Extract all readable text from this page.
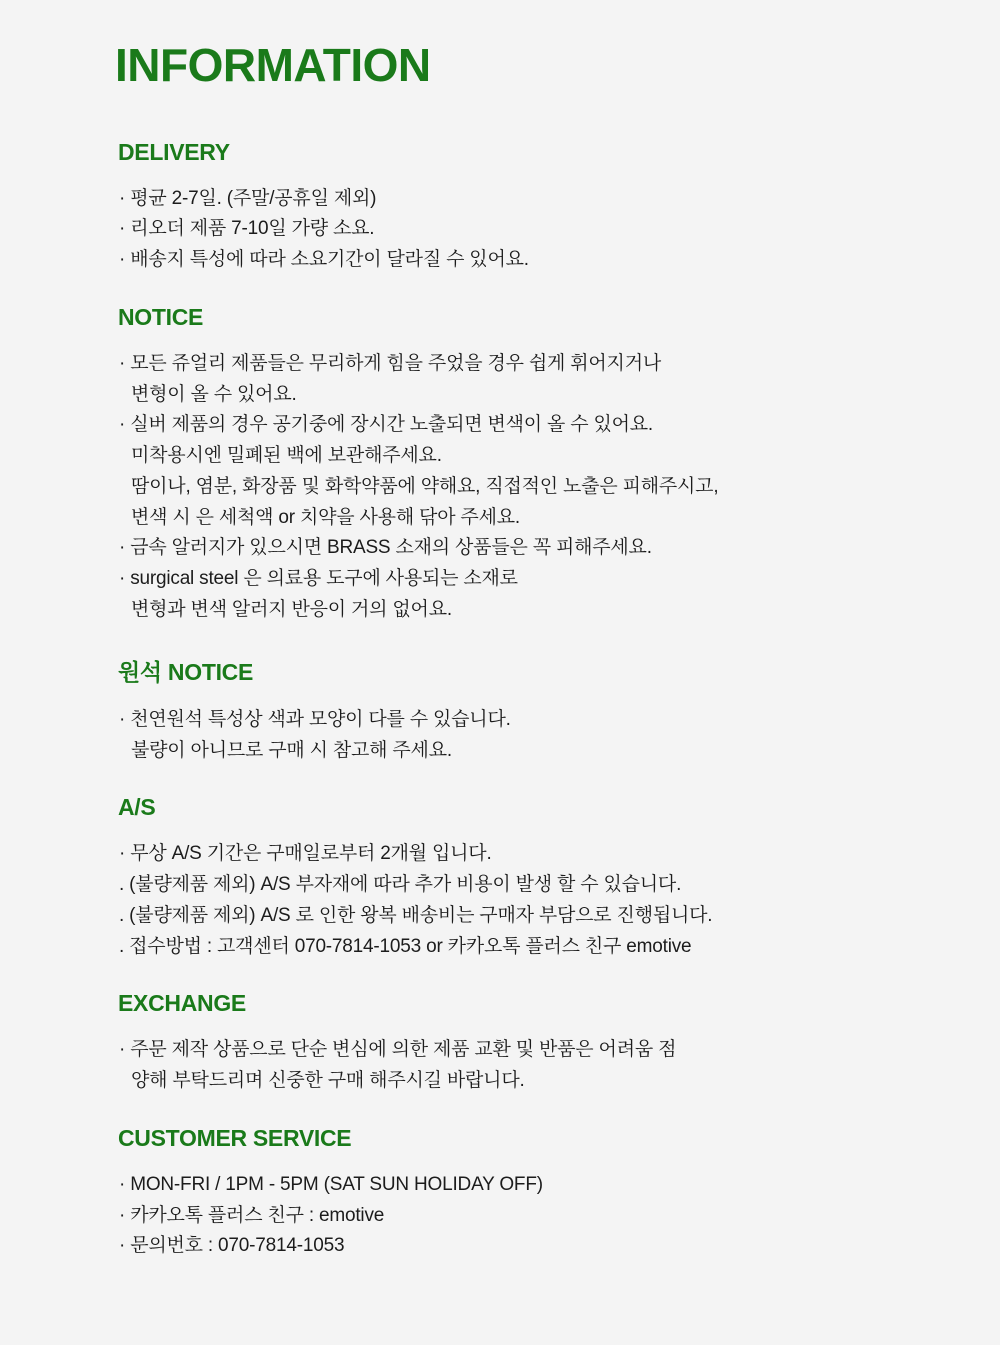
INFORMATION
DELIVERY
· 평균 2-7일. (주말/공휴일 제외)
· 리오더 제품 7-10일 가량 소요.
· 배송지 특성에 따라 소요기간이 달라질 수 있어요.
NOTICE
· 모든 쥬얼리 제품들은 무리하게 힘을 주었을 경우 쉽게 휘어지거나
변형이 올 수 있어요.
· 실버 제품의 경우 공기중에 장시간 노출되면 변색이 올 수 있어요.
미착용시엔 밀폐된 백에 보관해주세요.
땀이나, 염분, 화장품 및 화학약품에 약해요, 직접적인 노출은 피해주시고,
변색 시 은 세척액 or 치약을 사용해 닦아 주세요.
· 금속 알러지가 있으시면 BRASS 소재의 상품들은 꼭 피해주세요.
· surgical steel 은 의료용 도구에 사용되는 소재로
변형과 변색 알러지 반응이 거의 없어요.
원석 NOTICE
· 천연원석 특성상 색과 모양이 다를 수 있습니다.
불량이 아니므로 구매 시 참고해 주세요.
A/S
· 무상 A/S 기간은 구매일로부터 2개월 입니다.
. (불량제품 제외) A/S 부자재에 따라 추가 비용이 발생 할 수 있습니다.
. (불량제품 제외) A/S 로 인한 왕복 배송비는 구매자 부담으로 진행됩니다.
. 접수방법 : 고객센터 070-7814-1053 or 카카오톡 플러스 친구 emotive
EXCHANGE
· 주문 제작 상품으로 단순 변심에 의한 제품 교환 및 반품은 어려움 점
양해 부탁드리며 신중한 구매 해주시길 바랍니다.
CUSTOMER SERVICE
· MON-FRI / 1PM - 5PM (SAT SUN HOLIDAY OFF)
· 카카오톡 플러스 친구 : emotive
· 문의번호 : 070-7814-1053
